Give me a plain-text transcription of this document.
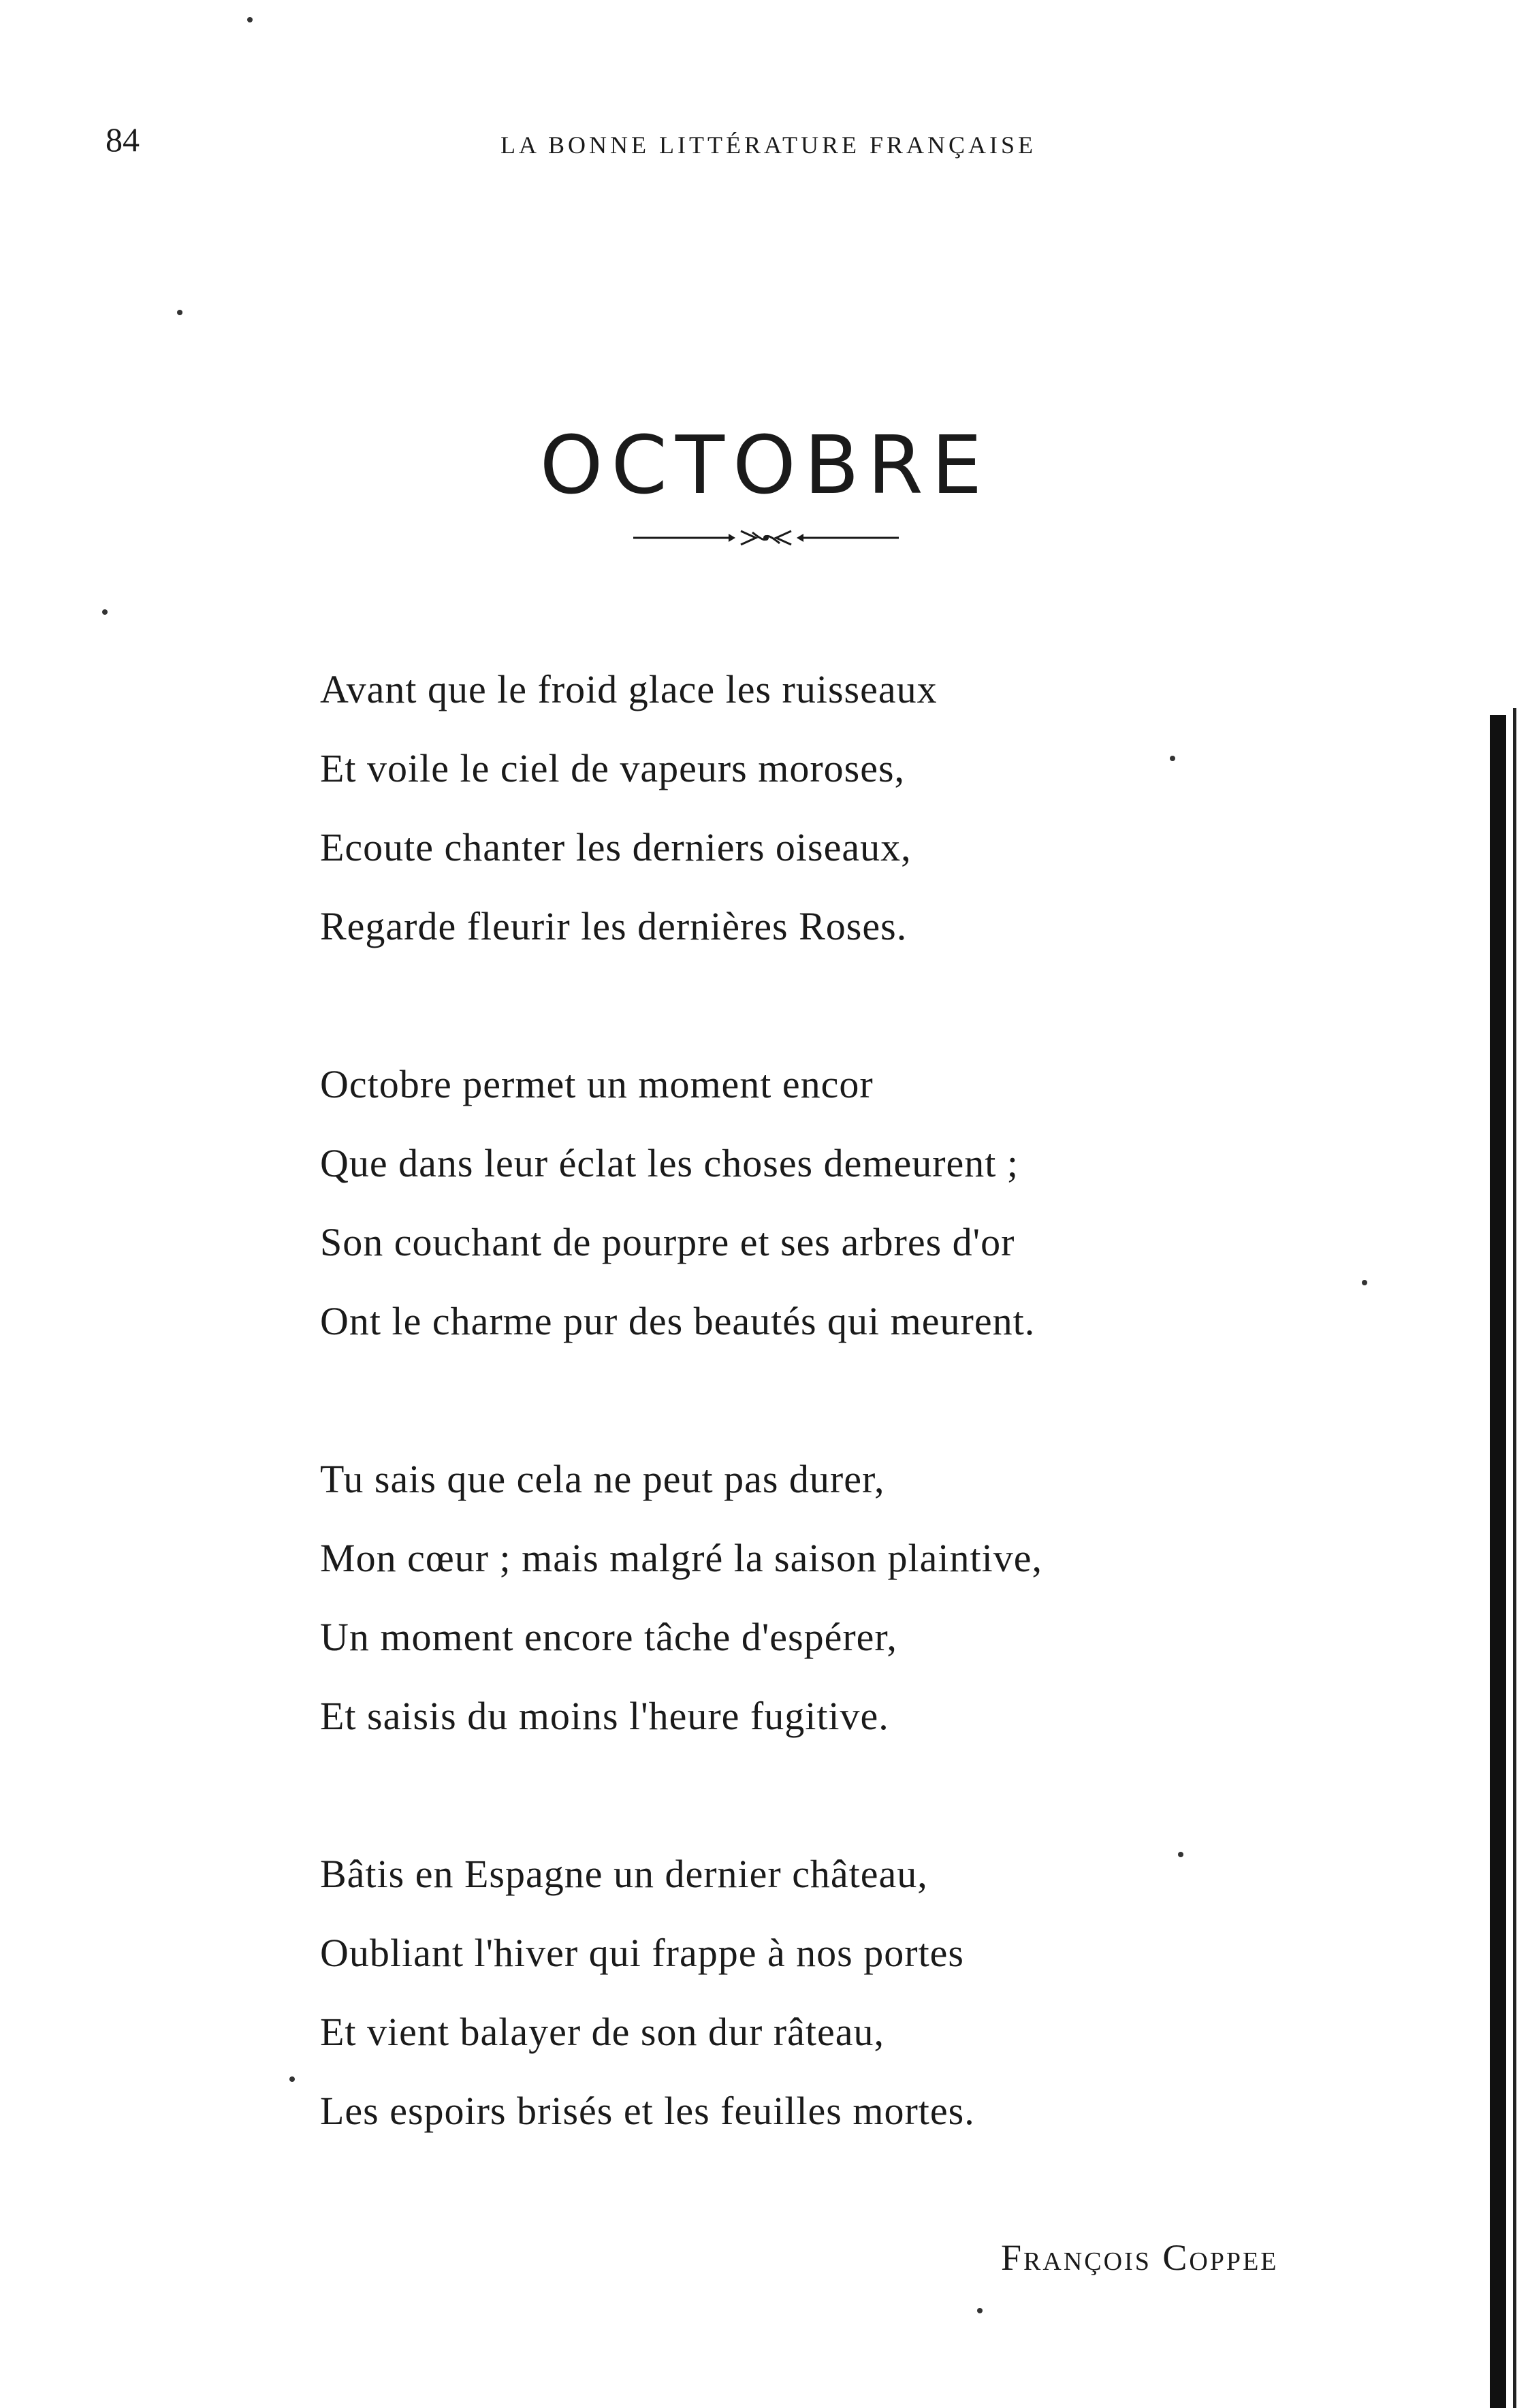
84	LA BONNE LITTÉRATURE FRANÇAISE
OCTOBRE
Avant que le froid glace les ruisseaux
Et voile le ciel de vapeurs moroses,
Ecoute chanter les derniers oiseaux,
Regarde fleurir les dernières Roses.
Octobre permet un moment encor
Que dans leur éclat les choses demeurent ;
Son couchant de pourpre et ses arbres d'or
Ont le charme pur des beautés qui meurent.
Tu sais que cela ne peut pas durer,
Mon cœur ; mais malgré la saison plaintive,
Un moment encore tâche d'espérer,
Et saisis du moins l'heure fugitive.
Bâtis en Espagne un dernier château,
Oubliant l'hiver qui frappe à nos portes
Et vient balayer de son dur râteau,
Les espoirs brisés et les feuilles mortes.
François Coppee
